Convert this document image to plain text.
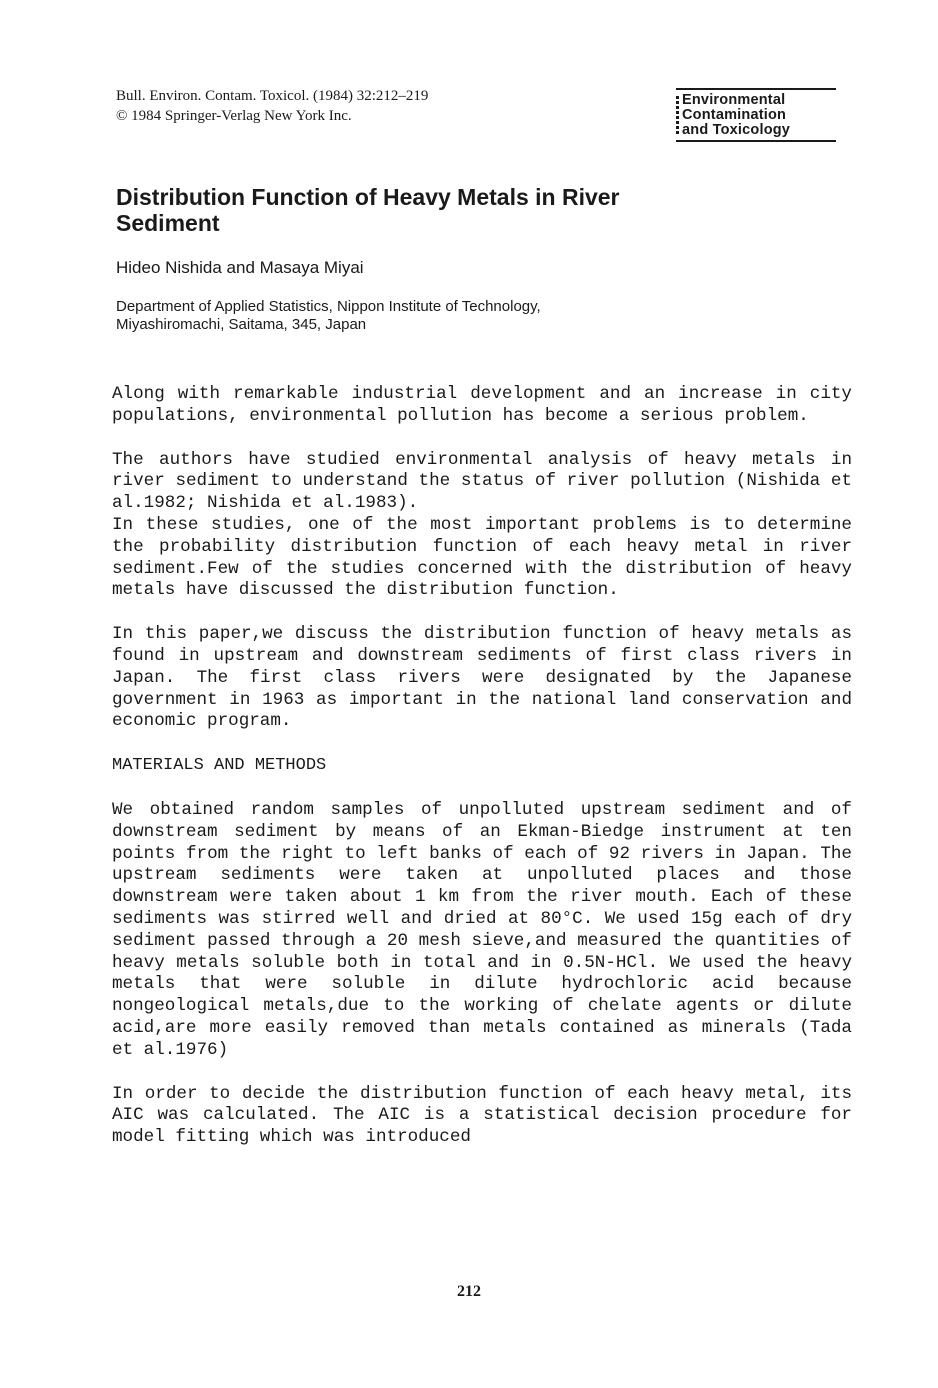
Bull. Environ. Contam. Toxicol. (1984) 32:212–219
© 1984 Springer-Verlag New York Inc.
Environmental
Contamination
and Toxicology
Distribution Function of Heavy Metals in River Sediment
Hideo Nishida and Masaya Miyai
Department of Applied Statistics, Nippon Institute of Technology,
Miyashiromachi, Saitama, 345, Japan

Along with remarkable industrial development and an increase in city populations, environmental pollution has become a serious problem.

The authors have studied environmental analysis of heavy metals in river sediment to understand the status of river pollution (Nishida et al.1982; Nishida et al.1983).

In these studies, one of the most important problems is to determine the probability distribution function of each heavy metal in river sediment.Few of the studies concerned with the distribution of heavy metals have discussed the distribution function.

In this paper,we discuss the distribution function of heavy metals as found in upstream and downstream sediments of first class rivers in Japan. The first class rivers were designated by the Japanese government in 1963 as important in the national land conservation and economic program.

MATERIALS AND METHODS

We obtained random samples of unpolluted upstream sediment and of downstream sediment by means of an Ekman-Biedge instrument at ten points from the right to left banks of each of 92 rivers in Japan. The upstream sediments were taken at unpolluted places and those downstream were taken about 1 km from the river mouth. Each of these sediments was stirred well and dried at 80°C. We used 15g each of dry sediment passed through a 20 mesh sieve,and measured the quantities of heavy metals soluble both in total and in 0.5N-HCl. We used the heavy metals that were soluble in dilute hydrochloric acid because nongeological metals,due to the working of chelate agents or dilute acid,are more easily removed than metals contained as minerals (Tada et al.1976)

In order to decide the distribution function of each heavy metal, its AIC was calculated. The AIC is a statistical decision procedure for model fitting which was introduced

212
